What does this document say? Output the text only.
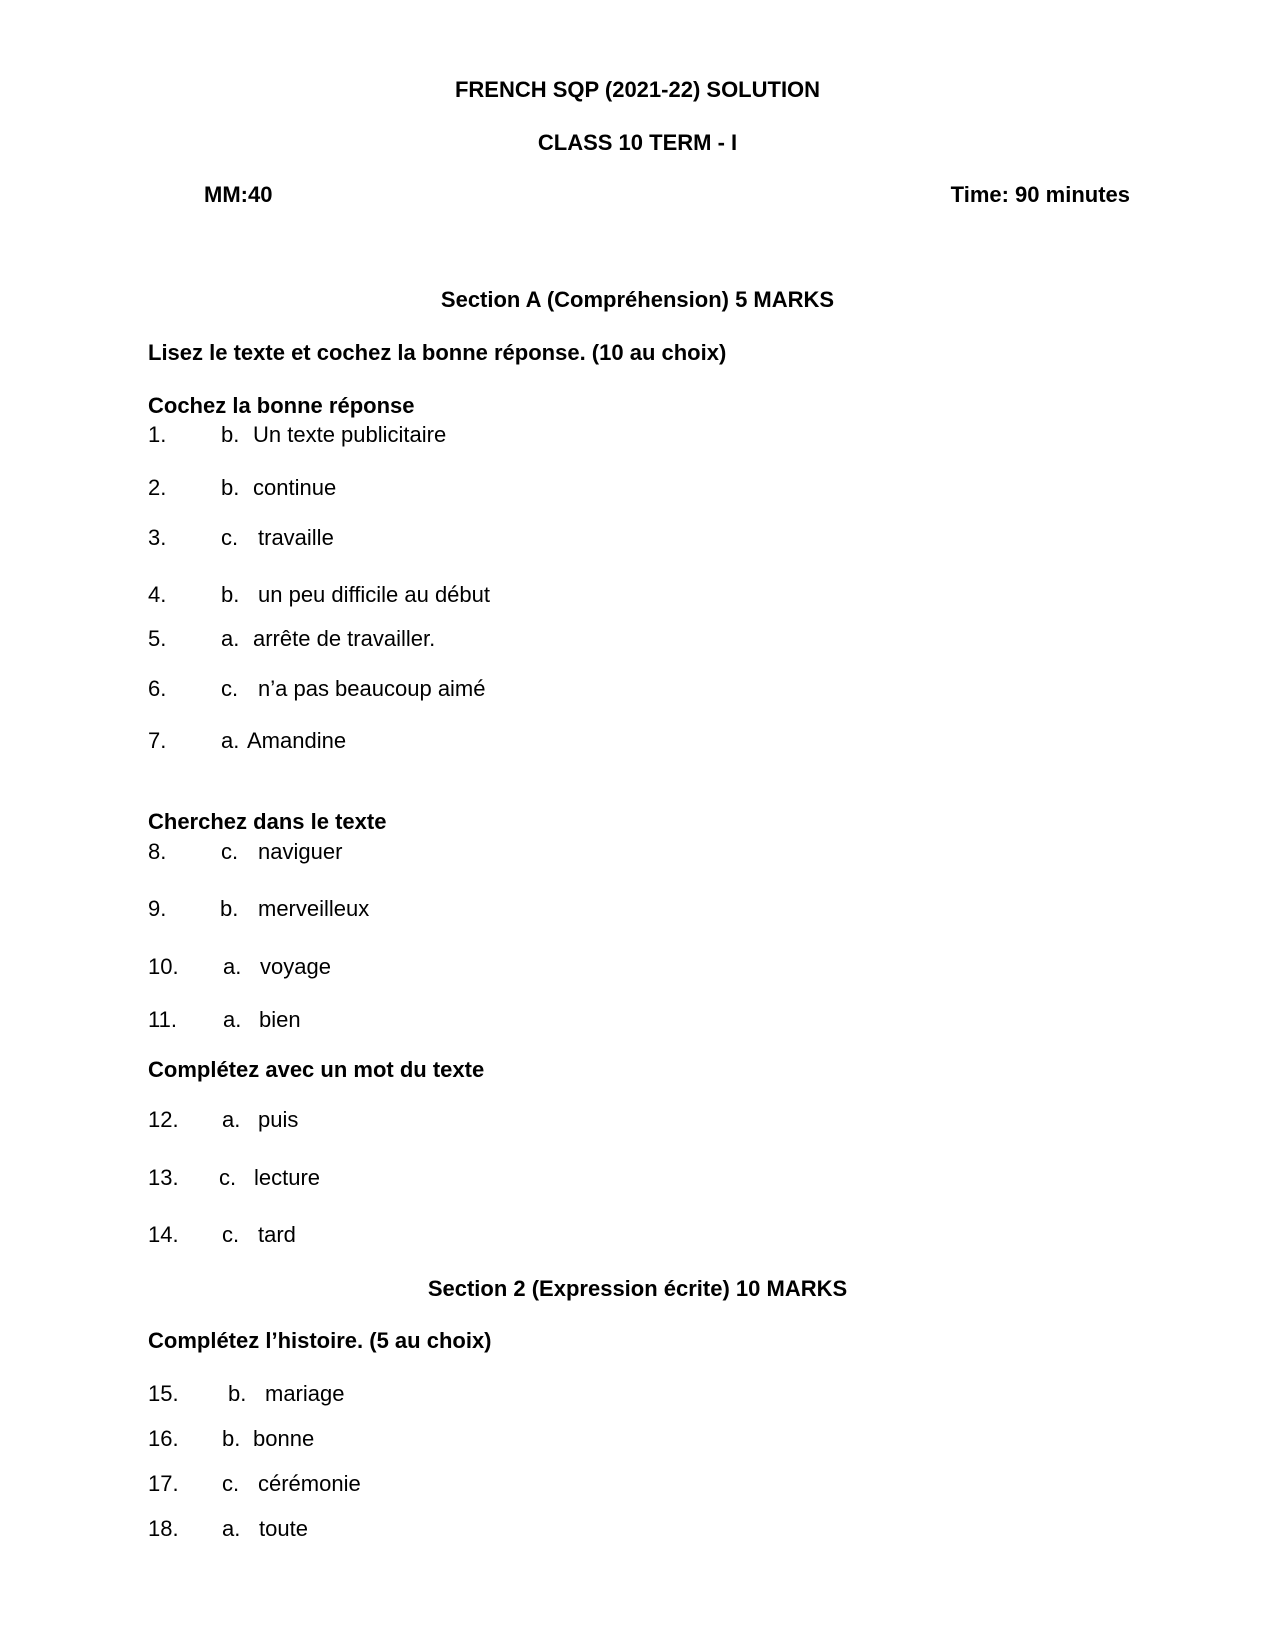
FRENCH SQP (2021-22) SOLUTION
CLASS 10 TERM - I
MM:40	Time: 90 minutes
Section A (Compréhension) 5 MARKS
Lisez le texte et cochez la bonne réponse. (10 au choix)
Cochez la bonne réponse
1. b. Un texte publicitaire
2. b. continue
3. c. travaille
4. b. un peu difficile au début
5. a. arrête de travailler.
6. c. n’a pas beaucoup aimé
7. a. Amandine
Cherchez dans le texte
8. c. naviguer
9. b. merveilleux
10. a. voyage
11. a. bien
Complétez avec un mot du texte
12. a. puis
13. c. lecture
14. c. tard
Section 2 (Expression écrite) 10 MARKS
Complétez l’histoire. (5 au choix)
15. b. mariage
16. b. bonne
17. c. cérémonie
18. a. toute
